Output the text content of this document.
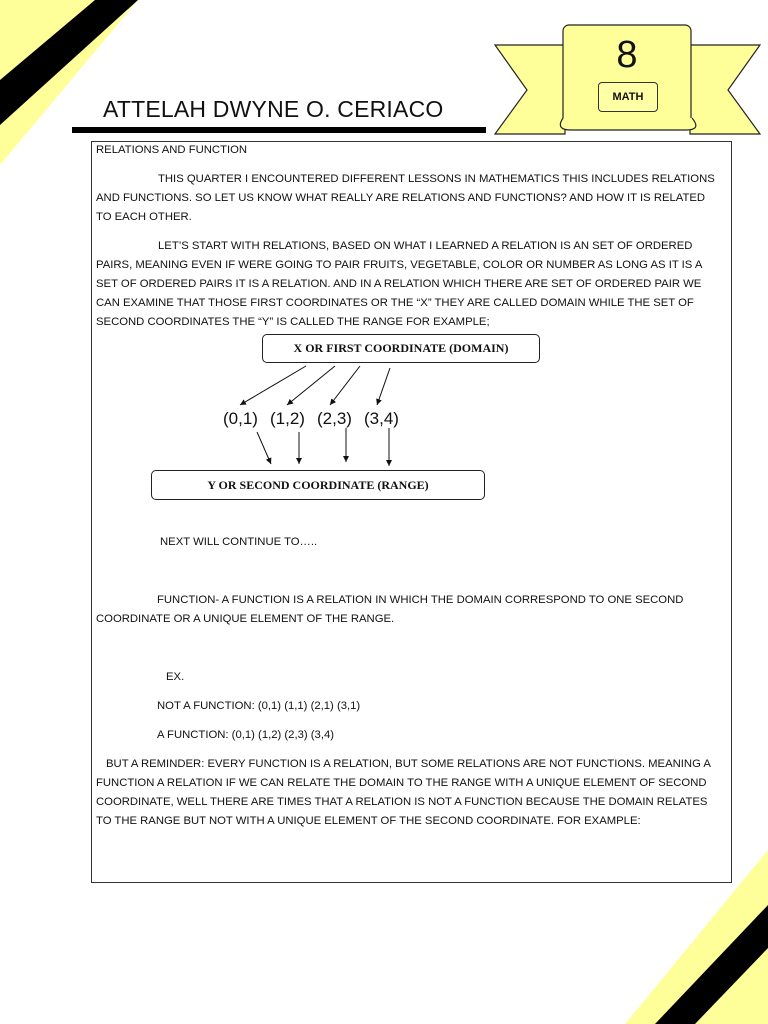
ATTELAH DWYNE O. CERIACO
8
MATH
RELATIONS AND FUNCTION
THIS QUARTER I ENCOUNTERED DIFFERENT LESSONS IN MATHEMATICS THIS INCLUDES RELATIONS
AND FUNCTIONS. SO LET US KNOW WHAT REALLY ARE RELATIONS AND FUNCTIONS? AND HOW IT IS RELATED
TO EACH OTHER.
LET’S START WITH RELATIONS, BASED ON WHAT I LEARNED A RELATION IS AN SET OF ORDERED
PAIRS, MEANING EVEN IF WERE GOING TO PAIR FRUITS, VEGETABLE, COLOR OR NUMBER AS LONG AS IT IS A
SET OF ORDERED PAIRS IT IS A RELATION. AND IN A RELATION WHICH THERE ARE SET OF ORDERED PAIR WE
CAN EXAMINE THAT THOSE FIRST COORDINATES OR THE “X” THEY ARE CALLED DOMAIN WHILE THE SET OF
SECOND COORDINATES THE “Y” IS CALLED THE RANGE FOR EXAMPLE;
X OR FIRST COORDINATE (DOMAIN)
(0,1) (1,2) (2,3) (3,4)
Y OR SECOND COORDINATE (RANGE)
NEXT WILL CONTINUE TO…..
FUNCTION- A FUNCTION IS A RELATION IN WHICH THE DOMAIN CORRESPOND TO ONE SECOND
COORDINATE OR A UNIQUE ELEMENT OF THE RANGE.
EX.
NOT A FUNCTION: (0,1) (1,1) (2,1) (3,1)
A FUNCTION: (0,1) (1,2) (2,3) (3,4)
BUT A REMINDER: EVERY FUNCTION IS A RELATION, BUT SOME RELATIONS ARE NOT FUNCTIONS. MEANING A
FUNCTION A RELATION IF WE CAN RELATE THE DOMAIN TO THE RANGE WITH A UNIQUE ELEMENT OF SECOND
COORDINATE, WELL THERE ARE TIMES THAT A RELATION IS NOT A FUNCTION BECAUSE THE DOMAIN RELATES
TO THE RANGE BUT NOT WITH A UNIQUE ELEMENT OF THE SECOND COORDINATE. FOR EXAMPLE:
